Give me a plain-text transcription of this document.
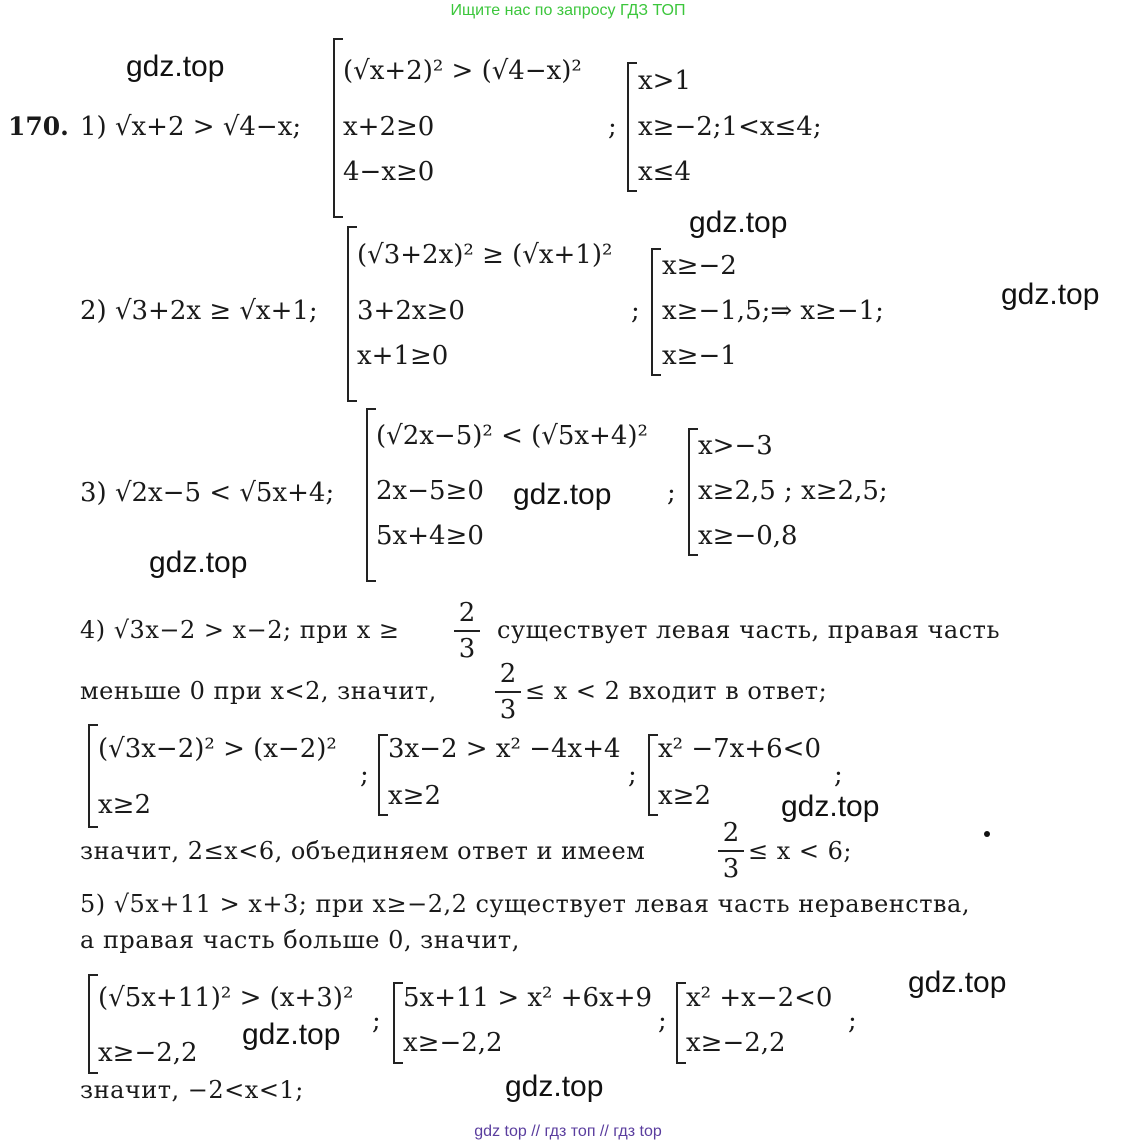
Ищите нас по запросу ГДЗ ТОП
170. 1) √x+2 > √4−x;
(√x+2)² > (√4−x)²
x+2≥0
4−x≥0
;
x>1
x≥−2;1<x≤4;
x≤4
2) √3+2x ≥ √x+1;
(√3+2x)² ≥ (√x+1)²
3+2x≥0
x+1≥0
;
x≥−2
x≥−1,5;⇒ x≥−1;
x≥−1
3) √2x−5 < √5x+4;
(√2x−5)² < (√5x+4)²
2x−5≥0
5x+4≥0
;
x>−3
x≥2,5 ; x≥2,5;
x≥−0,8
4) √3x−2 > x−2; при x ≥
2
3
существует левая часть, правая часть
меньше 0 при x<2, значит,
2
3
≤ x < 2 входит в ответ;
(√3x−2)² > (x−2)²
x≥2
;
3x−2 > x² −4x+4
x≥2
;
x² −7x+6<0
x≥2
;
значит, 2≤x<6, объединяем ответ и имеем
2
3
≤ x < 6;
5) √5x+11 > x+3; при x≥−2,2 существует левая часть неравенства,
а правая часть больше 0, значит,
(√5x+11)² > (x+3)²
x≥−2,2
;
5x+11 > x² +6x+9
x≥−2,2
;
x² +x−2<0
x≥−2,2
;
значит, −2<x<1;
gdz.top
gdz.top
gdz.top
gdz.top
gdz.top
gdz.top
gdz.top
gdz.top
gdz.top
gdz top // гдз топ // гдз top
